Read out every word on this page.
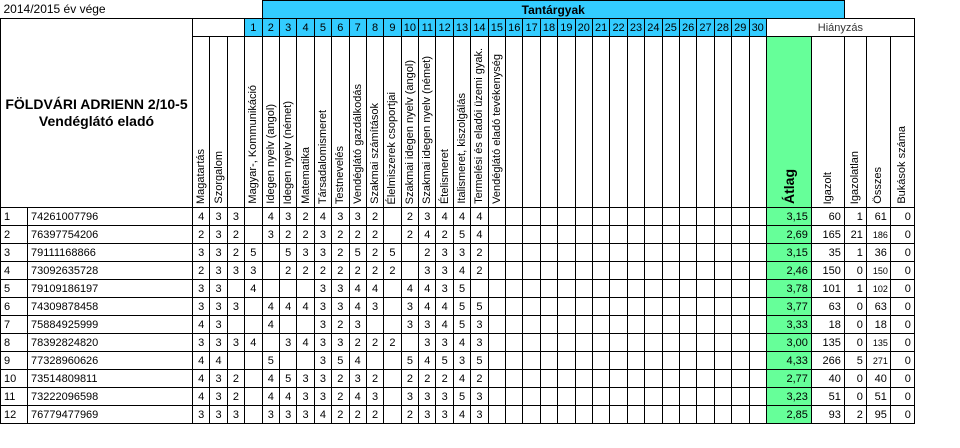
2014/2015 év vége						Tantárgyak																																	
FÖLDVÁRI ADRIENN 2/10-5 Vendéglátó eladó					1	2	3	4	5	6	7	8	9	10	11	12	13	14	15	16	17	18	19	20	21	22	23	24	25	26	27	28	29	30	Hiányzás				

		Magatartás	Szorgalom		Magyar-, Kommunikáció	Idegen nyelv (angol)	Idegen nyelv (német)	Matematika	Társadalomismeret	Testnevelés	Vendéglátó gazdálkodás	Szakmai számítások	Élelmiszerek csoportjai	Szakmai idegen nyelv (angol)	Szakmai idegen nyelv (német)	Ételismeret	Italismeret, kiszolgálás	Termelési és eladói üzemi gyak.	Vendéglátó eladó tevékenység																Átlag	Igazolt	Igazolatlan	Összes	Bukások száma

1	74261007796	4	3	3		4	3	2	4	3	3	2		2	3	4	4	4																	3,15	60	1	61	0
2	76397754206	2	3	2		3	2	2	3	2	2	2		2	4	2	5	4																	2,69	165	21	186	0
3	79111168866	3	3	2	5		5	3	3	2	5	2	5		2	3	3	2																	3,15	35	1	36	0
4	73092635728	2	3	3	3		2	2	2	2	2	2	2		3	3	4	2																	2,46	150	0	150	0
5	79109186197	3	3		4				3	3	4	4		4	4	3	5																		3,78	101	1	102	0
6	74309878458	3	3	3		4	4	4	3	3	4	3		3	4	4	5	5																	3,77	63	0	63	0
7	75884925999	4	3			4			3	2	3			3	3	4	5	3																	3,33	18	0	18	0
8	78392824820	3	3	3	4		3	4	3	3	2	2	2		3	3	4	3																	3,00	135	0	135	0
9	77328960626	4	4			5			3	5	4			5	4	5	3	5																	4,33	266	5	271	0
10	73514809811	4	3	2		4	5	3	3	2	3	2		2	2	2	4	2																	2,77	40	0	40	0
11	73222096598	4	3	2		4	4	3	3	2	4	3		3	3	3	5	3																	3,23	51	0	51	0
12	76779477969	3	3	3		3	3	3	4	2	2	2		2	3	3	4	3																	2,85	93	2	95	0
